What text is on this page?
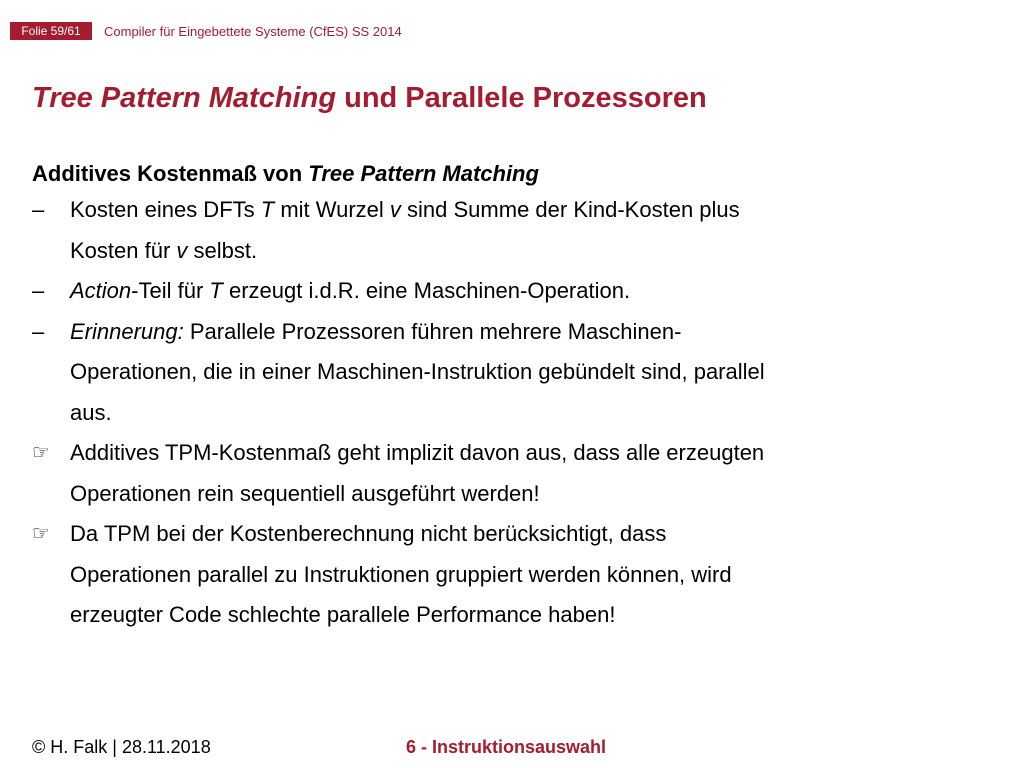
Folie 59/61	Compiler für Eingebettete Systeme (CfES) SS 2014
Tree Pattern Matching und Parallele Prozessoren
Additives Kostenmaß von Tree Pattern Matching
–	Kosten eines DFTs T mit Wurzel v sind Summe der Kind-Kosten plus
Kosten für v selbst.
–	Action-Teil für T erzeugt i.d.R. eine Maschinen-Operation.
–	Erinnerung: Parallele Prozessoren führen mehrere Maschinen-
Operationen, die in einer Maschinen-Instruktion gebündelt sind, parallel
aus.
☞ Additives TPM-Kostenmaß geht implizit davon aus, dass alle erzeugten
Operationen rein sequentiell ausgeführt werden!
☞ Da TPM bei der Kostenberechnung nicht berücksichtigt, dass
Operationen parallel zu Instruktionen gruppiert werden können, wird
erzeugter Code schlechte parallele Performance haben!
© H. Falk | 28.11.2018	6 - Instruktionsauswahl
